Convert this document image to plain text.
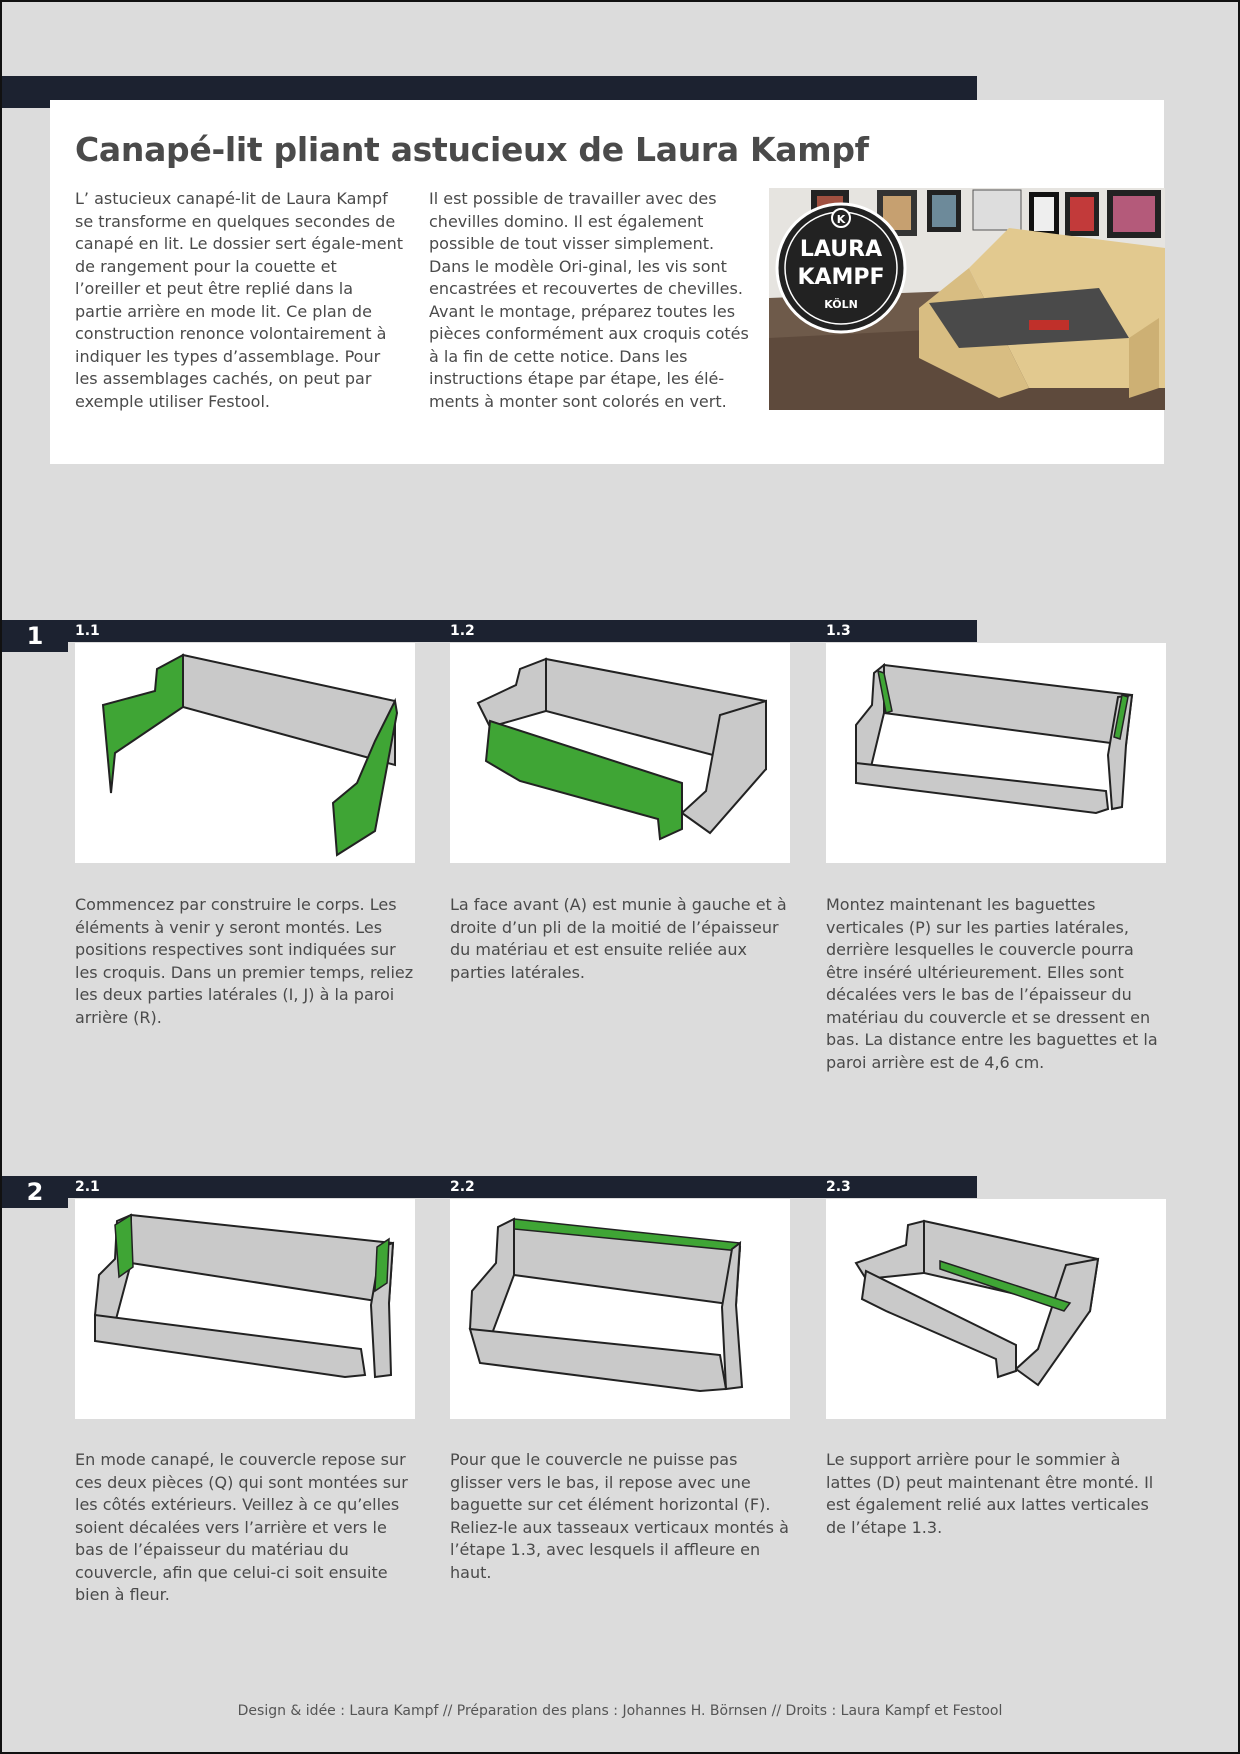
Canapé-lit pliant astucieux de Laura Kampf

L’ astucieux canapé-lit de Laura Kampf se transforme en quelques secondes de canapé en lit. Le dossier sert égale-ment de rangement pour la couette et l’oreiller et peut être replié dans la partie arrière en mode lit. Ce plan de construction renonce volontairement à indiquer les types d’assemblage. Pour les assemblages cachés, on peut par exemple utiliser Festool.

Il est possible de travailler avec des chevilles domino. Il est également possible de tout visser simplement. Dans le modèle Ori-ginal, les vis sont encastrées et recouvertes de chevilles. Avant le montage, préparez toutes les pièces conformément aux croquis cotés à la fin de cette notice. Dans les instructions étape par étape, les élé-ments à monter sont colorés en vert.

K
LAURA
KAMPF
KÖLN
1	1.1	1.2	1.3

Commencez par construire le corps. Les éléments à venir y seront montés. Les positions respectives sont indiquées sur les croquis. Dans un premier temps, reliez les deux parties latérales (I, J) à la paroi arrière (R).

La face avant (A) est munie à gauche et à droite d’un pli de la moitié de l’épaisseur du matériau et est ensuite reliée aux parties latérales.

Montez maintenant les baguettes verticales (P) sur les parties latérales, derrière lesquelles le couvercle pourra être inséré ultérieurement. Elles sont décalées vers le bas de l’épaisseur du matériau du couvercle et se dressent en bas. La distance entre les baguettes et la paroi arrière est de 4,6 cm.

2	2.1	2.2	2.3

En mode canapé, le couvercle repose sur ces deux pièces (Q) qui sont montées sur les côtés extérieurs. Veillez à ce qu’elles soient décalées vers l’arrière et vers le bas de l’épaisseur du matériau du couvercle, afin que celui-ci soit ensuite bien à fleur.

Pour que le couvercle ne puisse pas glisser vers le bas, il repose avec une baguette sur cet élément horizontal (F). Reliez-le aux tasseaux verticaux montés à l’étape 1.3, avec lesquels il affleure en haut.

Le support arrière pour le sommier à lattes (D) peut maintenant être monté. Il est également relié aux lattes verticales de l’étape 1.3.

Design & idée : Laura Kampf // Préparation des plans : Johannes H. Börnsen // Droits : Laura Kampf et Festool
